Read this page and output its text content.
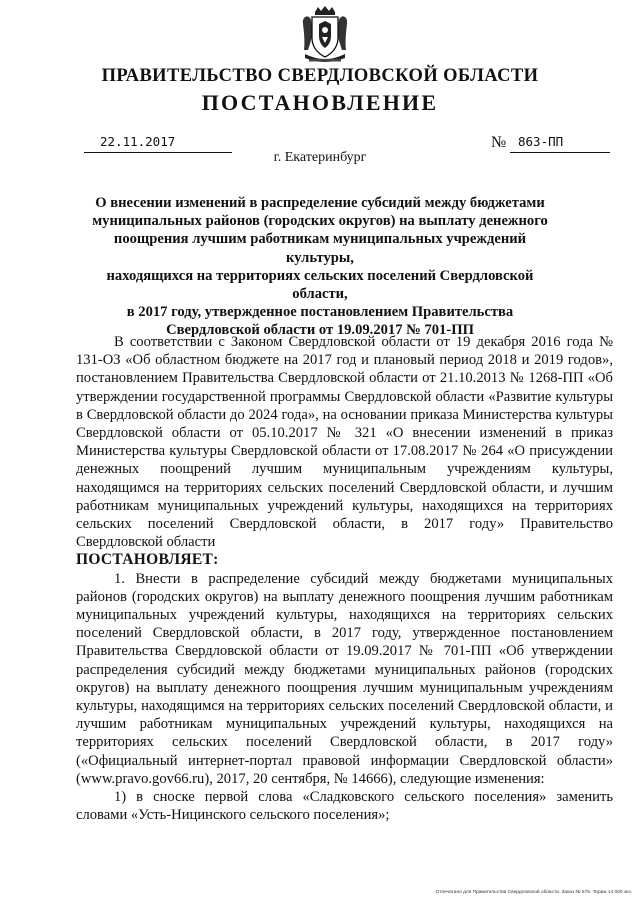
ПРАВИТЕЛЬСТВО СВЕРДЛОВСКОЙ ОБЛАСТИ
ПОСТАНОВЛЕНИЕ
22.11.2017	№ 863-ПП
г. Екатеринбург
О внесении изменений в распределение субсидий между бюджетами
муниципальных районов (городских округов) на выплату денежного
поощрения лучшим работникам муниципальных учреждений культуры,
находящихся на территориях сельских поселений Свердловской области,
в 2017 году, утвержденное постановлением Правительства
Свердловской области от 19.09.2017 № 701-ПП

В соответствии с Законом Свердловской области от 19 декабря 2016 года № 131-ОЗ «Об областном бюджете на 2017 год и плановый период 2018 и 2019 годов», постановлением Правительства Свердловской области от 21.10.2013 № 1268-ПП «Об утверждении государственной программы Свердловской области «Развитие культуры в Свердловской области до 2024 года», на основании приказа Министерства культуры Свердловской области от 05.10.2017 № 321 «О внесении изменений в приказ Министерства культуры Свердловской области от 17.08.2017 № 264 «О присуждении денежных поощрений лучшим муниципальным учреждениям культуры, находящимся на территориях сельских поселений Свердловской области, и лучшим работникам муниципальных учреждений культуры, находящихся на территориях сельских поселений Свердловской области, в 2017 году» Правительство Свердловской области

ПОСТАНОВЛЯЕТ:

1. Внести в распределение субсидий между бюджетами муниципальных районов (городских округов) на выплату денежного поощрения лучшим работникам муниципальных учреждений культуры, находящихся на территориях сельских поселений Свердловской области, в 2017 году, утвержденное постановлением Правительства Свердловской области от 19.09.2017 № 701-ПП «Об утверждении распределения субсидий между бюджетами муниципальных районов (городских округов) на выплату денежного поощрения лучшим муниципальным учреждениям культуры, находящимся на территориях сельских поселений Свердловской области, и лучшим работникам муниципальных учреждений культуры, находящихся на территориях сельских поселений Свердловской области, в 2017 году» («Официальный интернет-портал правовой информации Свердловской области» (www.pravo.gov66.ru), 2017, 20 сентября, № 14666), следующие изменения:

1) в сноске первой слова «Сладковского сельского поселения» заменить словами «Усть-Ницинского сельского поселения»;

Отпечатано для Правительства Свердловской области. Заказ № 575. Тираж 14 000 экз.
